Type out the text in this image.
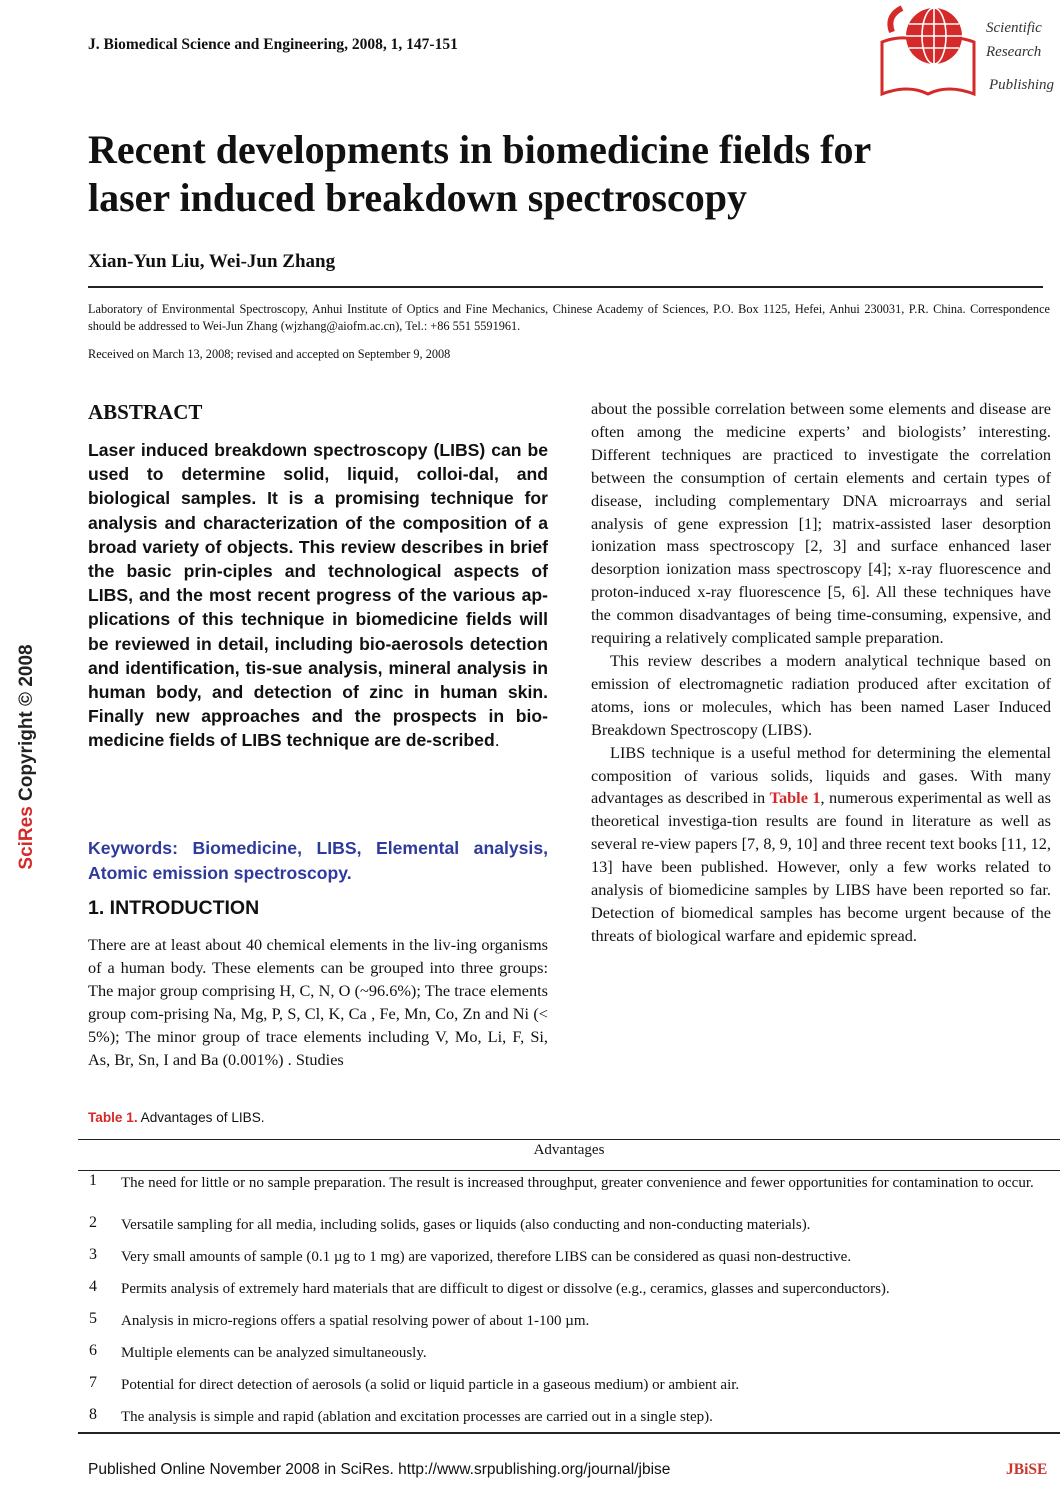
J. Biomedical Science and Engineering, 2008, 1, 147-151
Scientific
Research
Publishing
Recent developments in biomedicine fields for
laser induced breakdown spectroscopy
Xian-Yun Liu, Wei-Jun Zhang
Laboratory of Environmental Spectroscopy, Anhui Institute of Optics and Fine Mechanics, Chinese Academy of Sciences, P.O. Box 1125, Hefei, Anhui 230031, P.R. China. Correspondence should be addressed to Wei-Jun Zhang (wjzhang@aiofm.ac.cn), Tel.: +86 551 5591961.
Received on March 13, 2008; revised and accepted on September 9, 2008
SciRes Copyright © 2008
ABSTRACT

Laser induced breakdown spectroscopy (LIBS) can be used to determine solid, liquid, colloi-dal, and biological samples. It is a promising technique for analysis and characterization of the composition of a broad variety of objects. This review describes in brief the basic prin-ciples and technological aspects of LIBS, and the most recent progress of the various ap-plications of this technique in biomedicine fields will be reviewed in detail, including bio-aerosols detection and identification, tis-sue analysis, mineral analysis in human body, and detection of zinc in human skin. Finally new approaches and the prospects in bio-medicine fields of LIBS technique are de-scribed.

Keywords: Biomedicine, LIBS, Elemental analysis, Atomic emission spectroscopy.

1. INTRODUCTION

There are at least about 40 chemical elements in the liv-ing organisms of a human body. These elements can be grouped into three groups: The major group comprising H, C, N, O (~96.6%); The trace elements group com-prising Na, Mg, P, S, Cl, K, Ca , Fe, Mn, Co, Zn and Ni (< 5%); The minor group of trace elements including V, Mo, Li, F, Si, As, Br, Sn, I and Ba (0.001%) . Studies

about the possible correlation between some elements and disease are often among the medicine experts’ and biologists’ interesting. Different techniques are practiced to investigate the correlation between the consumption of certain elements and certain types of disease, including complementary DNA microarrays and serial analysis of gene expression [1]; matrix-assisted laser desorption ionization mass spectroscopy [2, 3] and surface enhanced laser desorption ionization mass spectroscopy [4]; x-ray fluorescence and proton-induced x-ray fluorescence [5, 6]. All these techniques have the common disadvantages of being time-consuming, expensive, and requiring a relatively complicated sample preparation.

This review describes a modern analytical technique based on emission of electromagnetic radiation produced after excitation of atoms, ions or molecules, which has been named Laser Induced Breakdown Spectroscopy (LIBS).

LIBS technique is a useful method for determining the elemental composition of various solids, liquids and gases. With many advantages as described in Table 1, numerous experimental as well as theoretical investiga-tion results are found in literature as well as several re-view papers [7, 8, 9, 10] and three recent text books [11, 12, 13] have been published. However, only a few works related to analysis of biomedicine samples by LIBS have been reported so far. Detection of biomedical samples has become urgent because of the threats of biological warfare and epidemic spread.

Table 1. Advantages of LIBS.
Advantages
1 The need for little or no sample preparation. The result is increased throughput, greater convenience and fewer opportunities for contamination to occur.
2 Versatile sampling for all media, including solids, gases or liquids (also conducting and non-conducting materials).
3 Very small amounts of sample (0.1 µg to 1 mg) are vaporized, therefore LIBS can be considered as quasi non-destructive.
4 Permits analysis of extremely hard materials that are difficult to digest or dissolve (e.g., ceramics, glasses and superconductors).
5 Analysis in micro-regions offers a spatial resolving power of about 1-100 µm.
6 Multiple elements can be analyzed simultaneously.
7 Potential for direct detection of aerosols (a solid or liquid particle in a gaseous medium) or ambient air.
8 The analysis is simple and rapid (ablation and excitation processes are carried out in a single step).
Published Online November 2008 in SciRes. http://www.srpublishing.org/journal/jbise	JBiSE
